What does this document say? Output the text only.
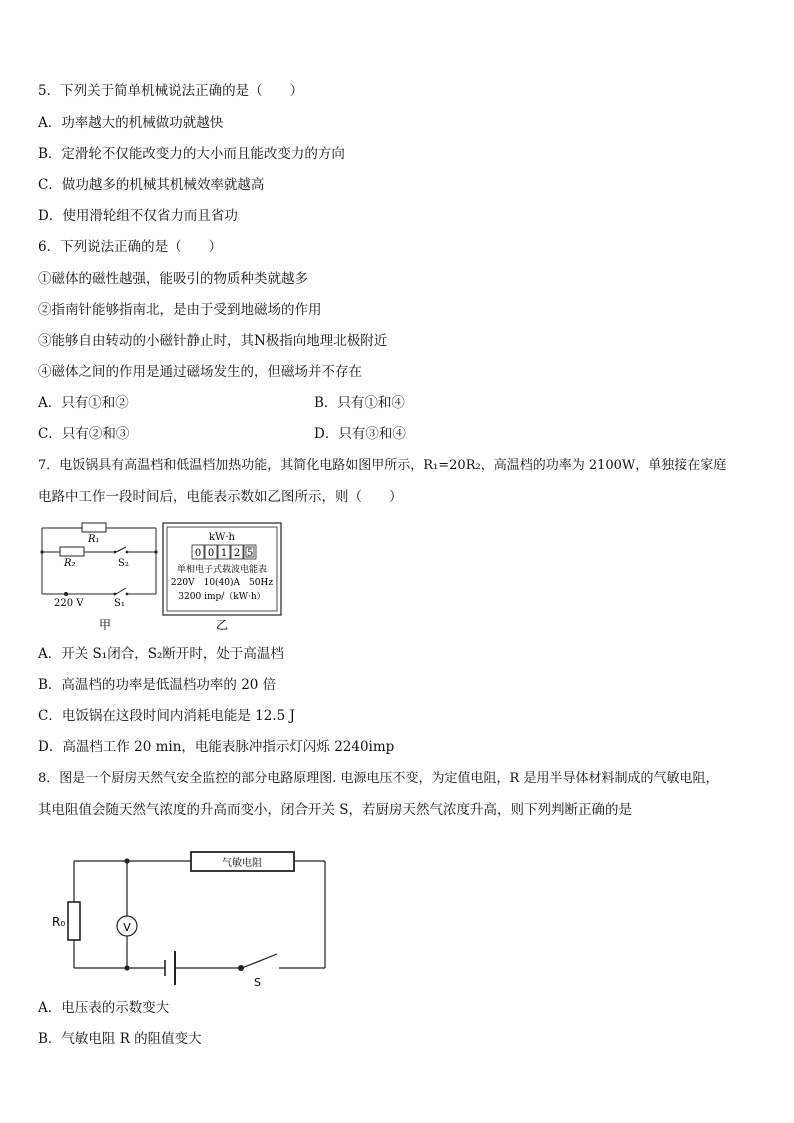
5．下列关于简单机械说法正确的是（　　）
A．功率越大的机械做功就越快
B．定滑轮不仅能改变力的大小而且能改变力的方向
C．做功越多的机械其机械效率就越高
D．使用滑轮组不仅省力而且省功
6．下列说法正确的是（　　）
①磁体的磁性越强，能吸引的物质种类就越多
②指南针能够指南北，是由于受到地磁场的作用
③能够自由转动的小磁针静止时，其N极指向地理北极附近
④磁体之间的作用是通过磁场发生的，但磁场并不存在
A．只有①和②	B．只有①和④
C．只有②和③	D．只有③和④
7．电饭锅具有高温档和低温档加热功能，其简化电路如图甲所示，R₁=20R₂，高温档的功率为 2100W，单独接在家庭
电路中工作一段时间后，电能表示数如乙图所示，则（　　）
R₁
R₂	S₂
220 V	S₁
甲
kW·h
0 0 1 2 5
单相电子式载波电能表
220V　10(40)A　50Hz
3200 imp/（kW·h）
乙
A．开关 S₁闭合，S₂断开时，处于高温档
B．高温档的功率是低温档功率的 20 倍
C．电饭锅在这段时间内消耗电能是 12.5 J
D．高温档工作 20 min，电能表脉冲指示灯闪烁 2240imp
8．图是一个厨房天然气安全监控的部分电路原理图. 电源电压不变，为定值电阻，R 是用半导体材料制成的气敏电阻，
其电阻值会随天然气浓度的升高而变小，闭合开关 S，若厨房天然气浓度升高，则下列判断正确的是
气敏电阻
R₀	V
S
A．电压表的示数变大
B．气敏电阻 R 的阻值变大
